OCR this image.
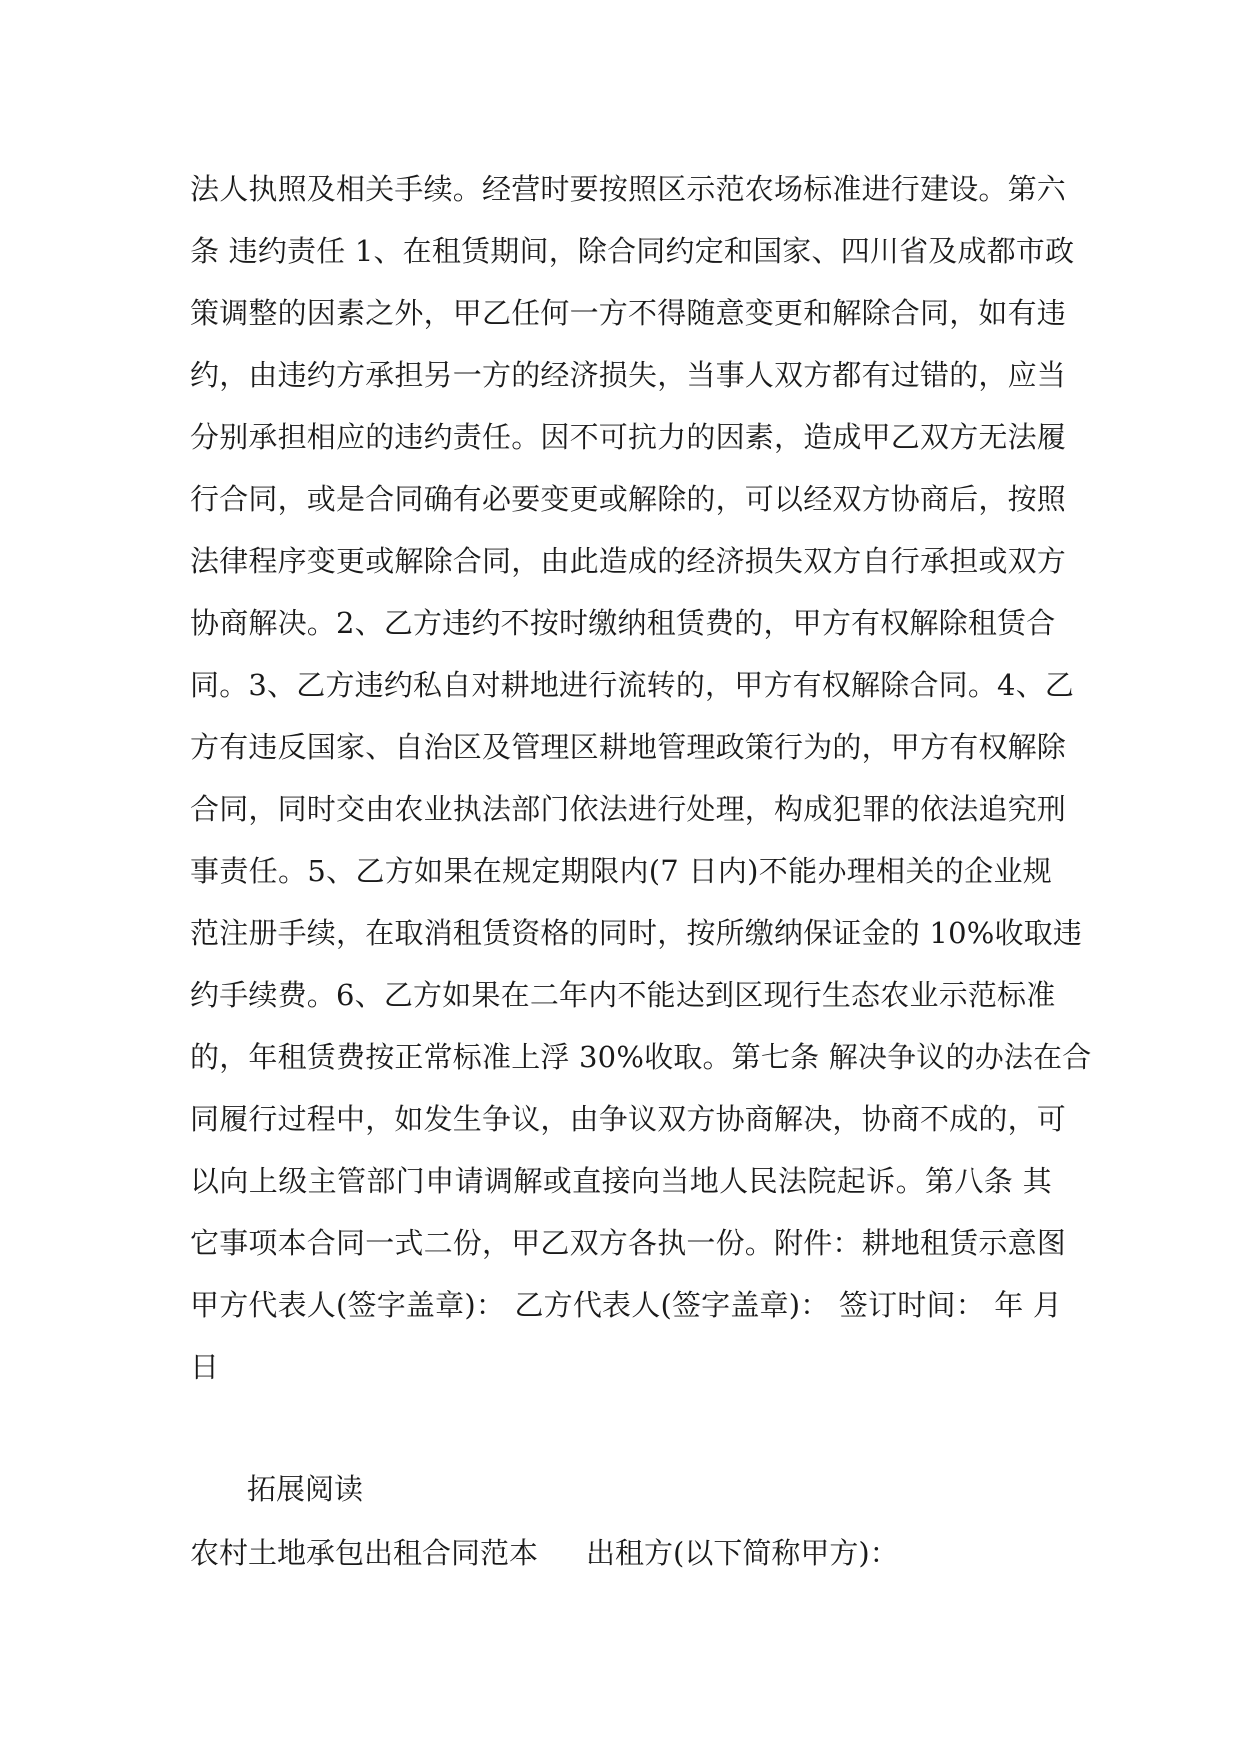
法人执照及相关手续。经营时要按照区示范农场标准进行建设。第六
条 违约责任 1、在租赁期间，除合同约定和国家、四川省及成都市政
策调整的因素之外，甲乙任何一方不得随意变更和解除合同，如有违
约，由违约方承担另一方的经济损失，当事人双方都有过错的，应当
分别承担相应的违约责任。因不可抗力的因素，造成甲乙双方无法履
行合同，或是合同确有必要变更或解除的，可以经双方协商后，按照
法律程序变更或解除合同，由此造成的经济损失双方自行承担或双方
协商解决。2、乙方违约不按时缴纳租赁费的，甲方有权解除租赁合
同。3、乙方违约私自对耕地进行流转的，甲方有权解除合同。4、乙
方有违反国家、自治区及管理区耕地管理政策行为的，甲方有权解除
合同，同时交由农业执法部门依法进行处理，构成犯罪的依法追究刑
事责任。5、乙方如果在规定期限内(7 日内)不能办理相关的企业规
范注册手续，在取消租赁资格的同时，按所缴纳保证金的 10%收取违
约手续费。6、乙方如果在二年内不能达到区现行生态农业示范标准
的，年租赁费按正常标准上浮 30%收取。第七条 解决争议的办法在合
同履行过程中，如发生争议，由争议双方协商解决，协商不成的，可
以向上级主管部门申请调解或直接向当地人民法院起诉。第八条 其
它事项本合同一式二份，甲乙双方各执一份。附件：耕地租赁示意图
甲方代表人(签字盖章)： 乙方代表人(签字盖章)： 签订时间： 年 月
日
拓展阅读
农村土地承包出租合同范本 出租方(以下简称甲方)：
